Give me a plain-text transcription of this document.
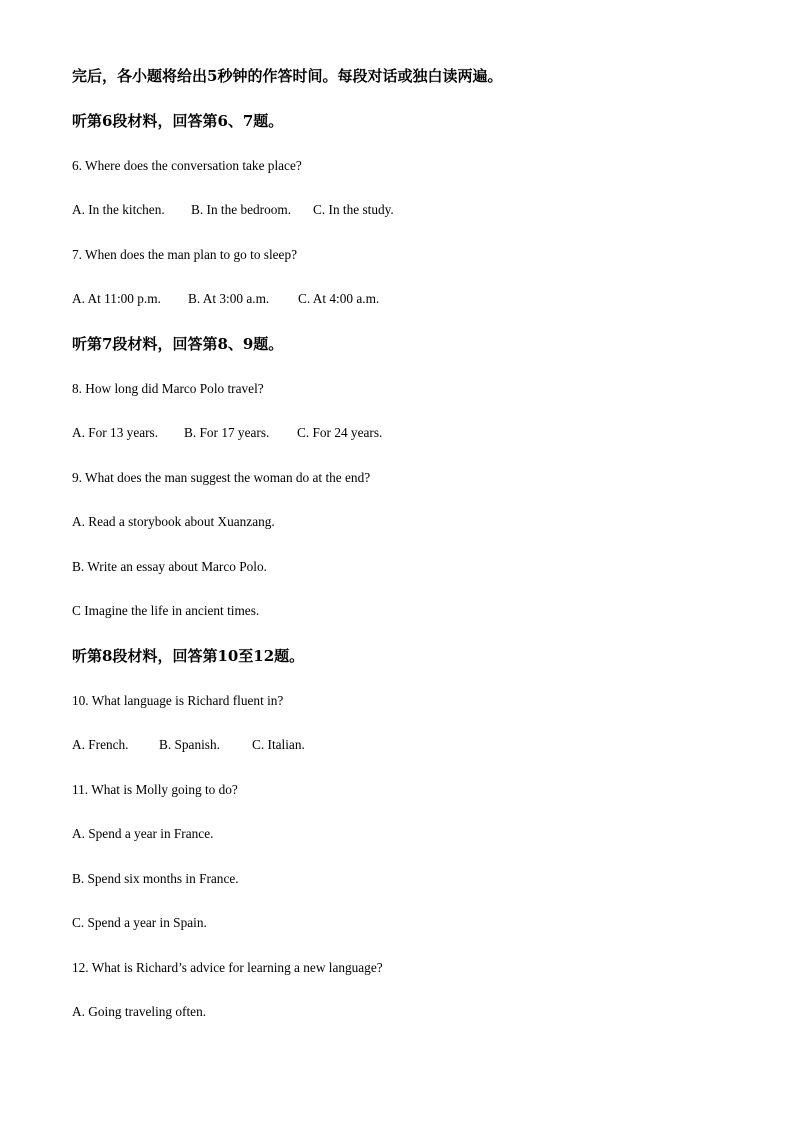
完后，各小题将给出5秒钟的作答时间。每段对话或独白读两遍。
听第6段材料，回答第6、7题。
6. Where does the conversation take place?
A. In the kitchen. B. In the bedroom. C. In the study.
7. When does the man plan to go to sleep?
A. At 11:00 p.m. B. At 3:00 a.m. C. At 4:00 a.m.
听第7段材料，回答第8、9题。
8. How long did Marco Polo travel?
A. For 13 years. B. For 17 years. C. For 24 years.
9. What does the man suggest the woman do at the end?
A. Read a storybook about Xuanzang.
B. Write an essay about Marco Polo.
C Imagine the life in ancient times.
听第8段材料，回答第10至12题。
10. What language is Richard fluent in?
A. French. B. Spanish. C. Italian.
11. What is Molly going to do?
A. Spend a year in France.
B. Spend six months in France.
C. Spend a year in Spain.
12. What is Richard’s advice for learning a new language?
A. Going traveling often.
